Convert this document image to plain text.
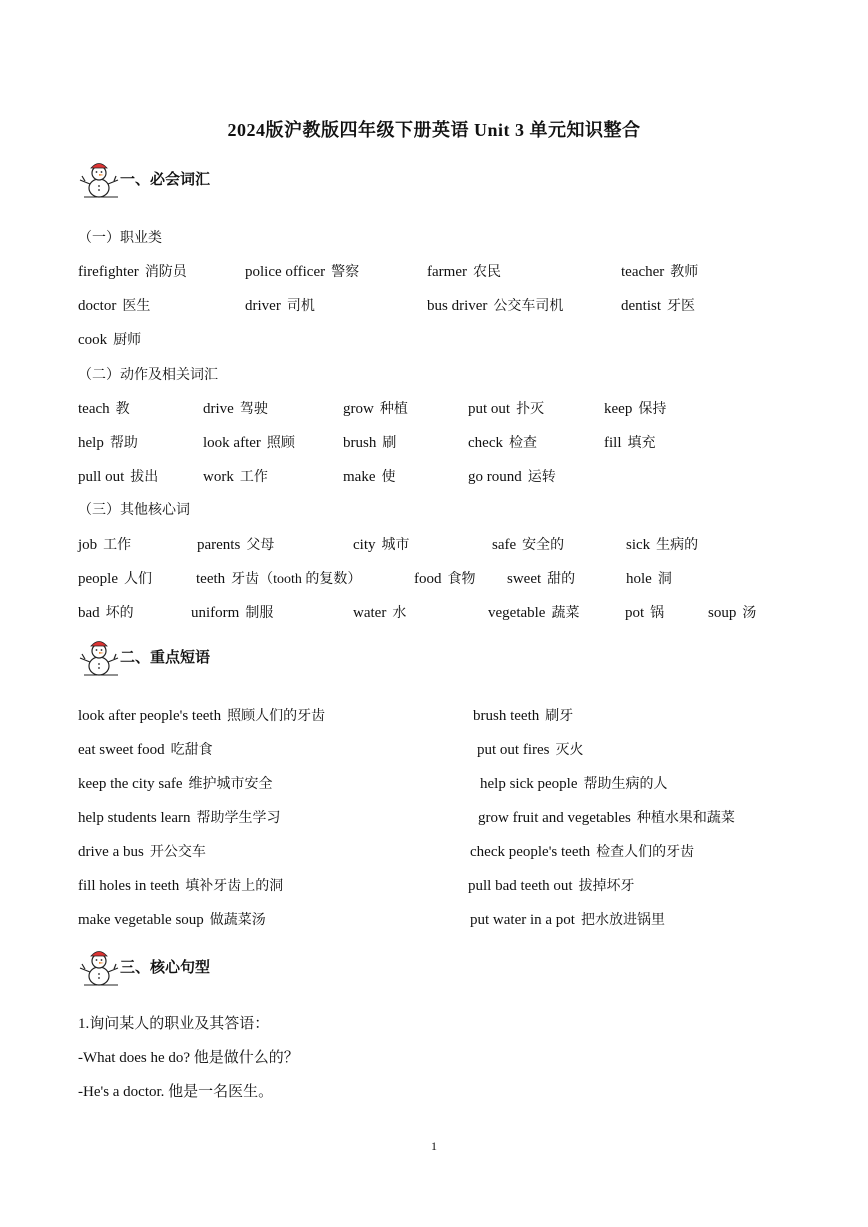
2024版沪教版四年级下册英语 Unit 3 单元知识整合
一、必会词汇
（一）职业类
firefighter 消防员	police officer 警察	farmer 农民	teacher 教师
doctor 医生	driver 司机	bus driver 公交车司机	dentist 牙医
cook 厨师
（二）动作及相关词汇
teach 教	drive 驾驶	grow 种植	put out 扑灭	keep 保持
help 帮助	look after 照顾	brush 刷	check 检查	fill 填充
pull out 拔出	work 工作	make 使	go round 运转
（三）其他核心词
job 工作	parents 父母	city 城市	safe 安全的	sick 生病的
people 人们	teeth 牙齿（tooth 的复数）	food 食物 sweet 甜的	hole 洞
bad 坏的	uniform 制服	water 水	vegetable 蔬菜	pot 锅	soup 汤
二、重点短语
look after people's teeth 照顾人们的牙齿	brush teeth 刷牙
eat sweet food 吃甜食	put out fires 灭火
keep the city safe 维护城市安全	help sick people 帮助生病的人
help students learn 帮助学生学习	grow fruit and vegetables 种植水果和蔬菜
drive a bus 开公交车	check people's teeth 检查人们的牙齿
fill holes in teeth 填补牙齿上的洞	pull bad teeth out 拔掉坏牙
make vegetable soup 做蔬菜汤	put water in a pot 把水放进锅里
三、核心句型
1.询问某人的职业及其答语：
-What does he do? 他是做什么的？
-He's a doctor. 他是一名医生。
1
